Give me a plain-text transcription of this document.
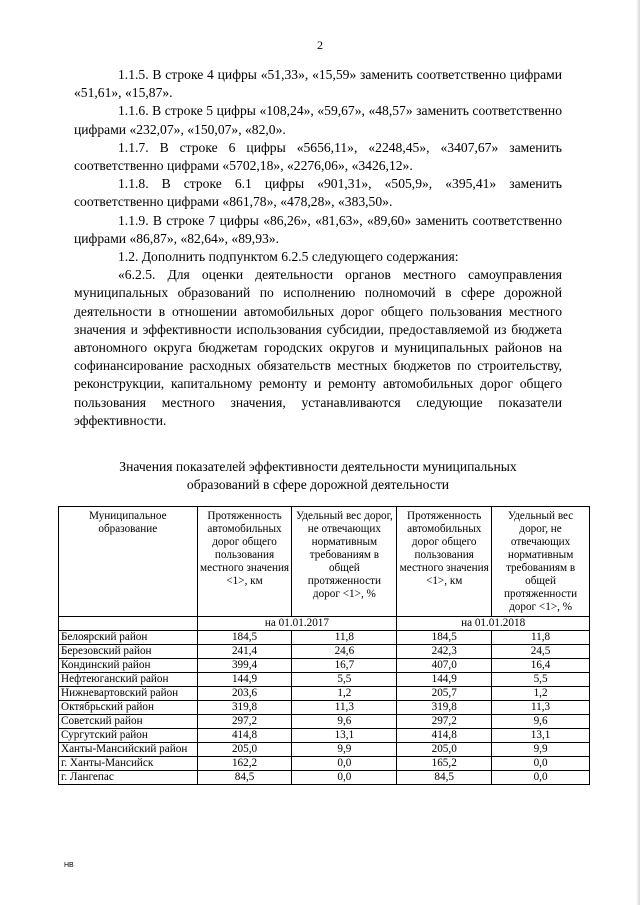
2

1.1.5. В строке 4 цифры «51,33», «15,59» заменить соответственно цифрами «51,61», «15,87».

1.1.6. В строке 5 цифры «108,24», «59,67», «48,57» заменить соответственно цифрами «232,07», «150,07», «82,0».

1.1.7. В строке 6 цифры «5656,11», «2248,45», «3407,67» заменить соответственно цифрами «5702,18», «2276,06», «3426,12».

1.1.8. В строке 6.1 цифры «901,31», «505,9», «395,41» заменить соответственно цифрами «861,78», «478,28», «383,50».

1.1.9. В строке 7 цифры «86,26», «81,63», «89,60» заменить соответственно цифрами «86,87», «82,64», «89,93».

1.2. Дополнить подпунктом 6.2.5 следующего содержания:

«6.2.5. Для оценки деятельности органов местного самоуправления муниципальных образований по исполнению полномочий в сфере дорожной деятельности в отношении автомобильных дорог общего пользования местного значения и эффективности использования субсидии, предоставляемой из бюджета автономного округа бюджетам городских округов и муниципальных районов на софинансирование расходных обязательств местных бюджетов по строительству, реконструкции, капитальному ремонту и ремонту автомобильных дорог общего пользования местного значения, устанавливаются следующие показатели эффективности.

Значения показателей эффективности деятельности муниципальных
образований в сфере дорожной деятельности
Муниципальное образование	Протяженность автомобильных дорог общего пользования местного значения <1>, км	Удельный вес дорог, не отвечающих нормативным требованиям в общей протяженности дорог <1>, %	Протяженность автомобильных дорог общего пользования местного значения <1>, км	Удельный вес дорог, не отвечающих нормативным требованиям в общей протяженности дорог <1>, %
	на 01.01.2017		на 01.01.2018	
Белоярский район	184,5	11,8	184,5	11,8
Березовский район	241,4	24,6	242,3	24,5
Кондинский район	399,4	16,7	407,0	16,4
Нефтеюганский район	144,9	5,5	144,9	5,5
Нижневартовский район	203,6	1,2	205,7	1,2
Октябрьский район	319,8	11,3	319,8	11,3
Советский район	297,2	9,6	297,2	9,6
Сургутский район	414,8	13,1	414,8	13,1
Ханты-Мансийский район	205,0	9,9	205,0	9,9
г. Ханты-Мансийск	162,2	0,0	165,2	0,0
г. Лангепас	84,5	0,0	84,5	0,0
HB
